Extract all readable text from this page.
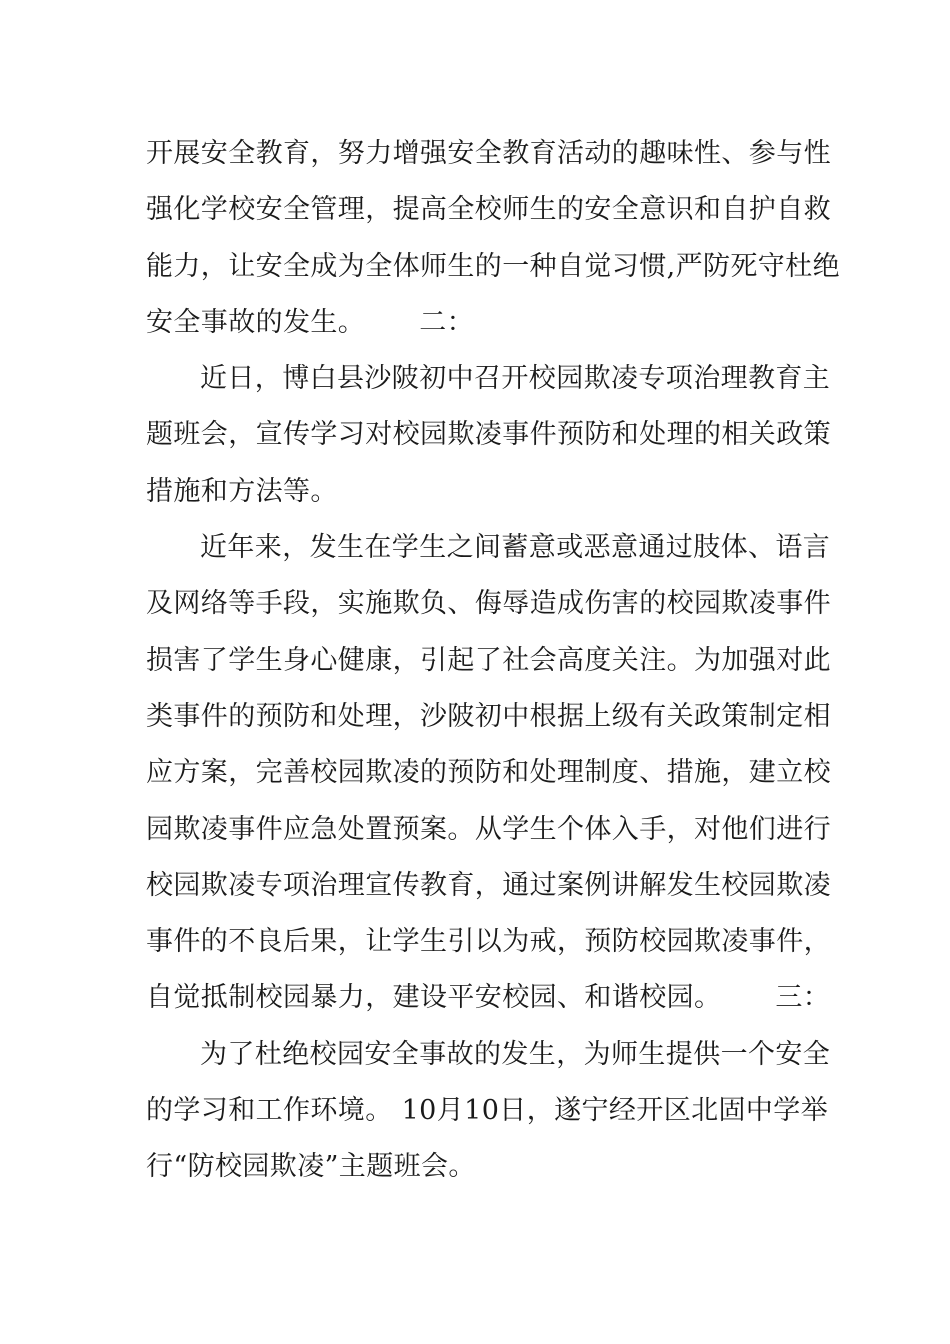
开展安全教育，努力增强安全教育活动的趣味性、参与性
强化学校安全管理，提高全校师生的安全意识和自护自救
能力，让安全成为全体师生的一种自觉习惯,严防死守杜绝
安全事故的发生。 二：
近日，博白县沙陂初中召开校园欺凌专项治理教育主
题班会，宣传学习对校园欺凌事件预防和处理的相关政策
措施和方法等。
近年来，发生在学生之间蓄意或恶意通过肢体、语言
及网络等手段，实施欺负、侮辱造成伤害的校园欺凌事件
损害了学生身心健康，引起了社会高度关注。为加强对此
类事件的预防和处理，沙陂初中根据上级有关政策制定相
应方案，完善校园欺凌的预防和处理制度、措施，建立校
园欺凌事件应急处置预案。从学生个体入手，对他们进行
校园欺凌专项治理宣传教育，通过案例讲解发生校园欺凌
事件的不良后果，让学生引以为戒，预防校园欺凌事件，
自觉抵制校园暴力，建设平安校园、和谐校园。 三：
为了杜绝校园安全事故的发生，为师生提供一个安全
的学习和工作环境。 10月10日，遂宁经开区北固中学举
行“防校园欺凌”主题班会。
